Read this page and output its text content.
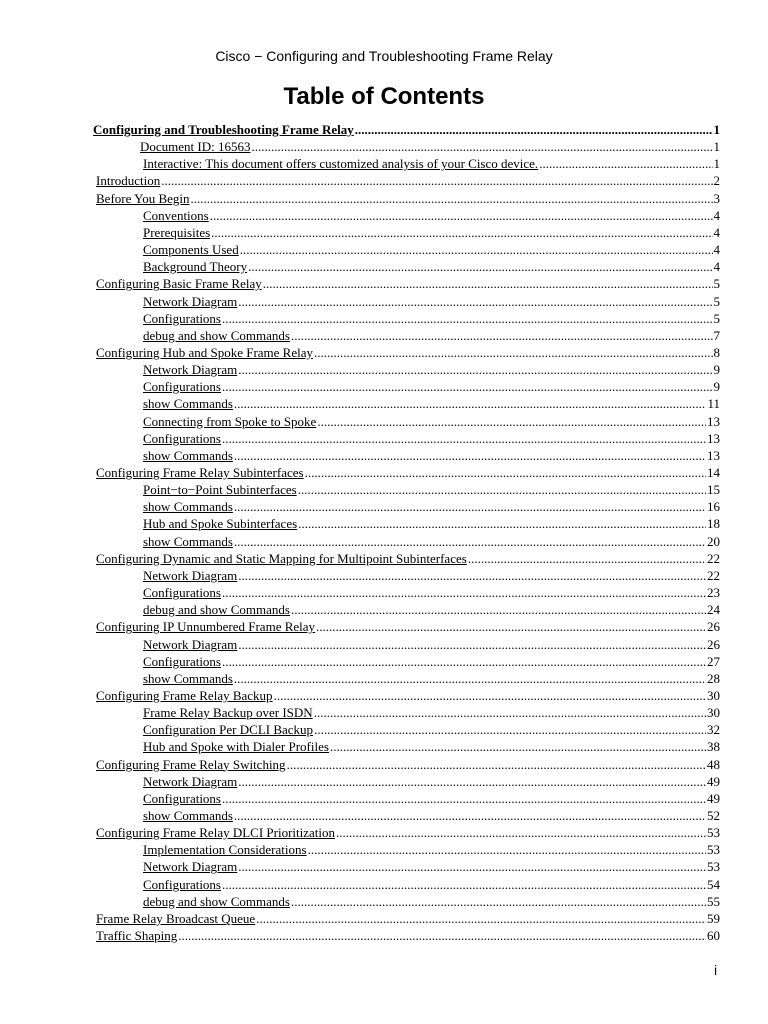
Cisco − Configuring and Troubleshooting Frame Relay
Table of Contents
Configuring and Troubleshooting Frame Relay .....	1
Document ID: 16563 .....	1
Interactive: This document offers customized analysis of your Cisco device. .....	1
Introduction .....	2
Before You Begin .....	3
Conventions .....	4
Prerequisites .....	4
Components Used .....	4
Background Theory .....	4
Configuring Basic Frame Relay .....	5
Network Diagram .....	5
Configurations .....	5
debug and show Commands .....	7
Configuring Hub and Spoke Frame Relay .....	8
Network Diagram .....	9
Configurations .....	9
show Commands .....	11
Connecting from Spoke to Spoke .....	13
Configurations .....	13
show Commands .....	13
Configuring Frame Relay Subinterfaces .....	14
Point−to−Point Subinterfaces .....	15
show Commands .....	16
Hub and Spoke Subinterfaces .....	18
show Commands .....	20
Configuring Dynamic and Static Mapping for Multipoint Subinterfaces .....	22
Network Diagram .....	22
Configurations .....	23
debug and show Commands .....	24
Configuring IP Unnumbered Frame Relay .....	26
Network Diagram .....	26
Configurations .....	27
show Commands .....	28
Configuring Frame Relay Backup .....	30
Frame Relay Backup over ISDN .....	30
Configuration Per DCLI Backup .....	32
Hub and Spoke with Dialer Profiles .....	38
Configuring Frame Relay Switching .....	48
Network Diagram .....	49
Configurations .....	49
show Commands .....	52
Configuring Frame Relay DLCI Prioritization .....	53
Implementation Considerations .....	53
Network Diagram .....	53
Configurations .....	54
debug and show Commands .....	55
Frame Relay Broadcast Queue .....	59
Traffic Shaping .....	60
i
